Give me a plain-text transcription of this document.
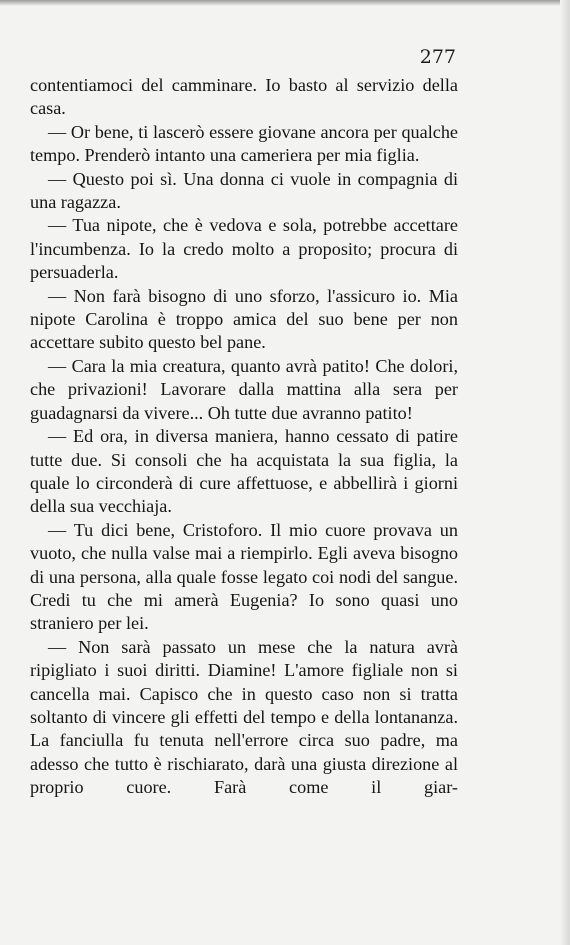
277

contentiamoci del camminare. Io basto al servizio della casa.

— Or bene, ti lascerò essere giovane ancora per qualche tempo. Prenderò intanto una cameriera per mia figlia.

— Questo poi sì. Una donna ci vuole in compagnia di una ragazza.

— Tua nipote, che è vedova e sola, potrebbe accettare l'incumbenza. Io la credo molto a proposito; procura di persuaderla.

— Non farà bisogno di uno sforzo, l'assicuro io. Mia nipote Carolina è troppo amica del suo bene per non accettare subito questo bel pane.

— Cara la mia creatura, quanto avrà patito! Che dolori, che privazioni! Lavorare dalla mattina alla sera per guadagnarsi da vivere... Oh tutte due avranno patito!

— Ed ora, in diversa maniera, hanno cessato di patire tutte due. Si consoli che ha acquistata la sua figlia, la quale lo circonderà di cure affettuose, e abbellirà i giorni della sua vecchiaja.

— Tu dici bene, Cristoforo. Il mio cuore provava un vuoto, che nulla valse mai a riempirlo. Egli aveva bisogno di una persona, alla quale fosse legato coi nodi del sangue. Credi tu che mi amerà Eugenia? Io sono quasi uno straniero per lei.

— Non sarà passato un mese che la natura avrà ripigliato i suoi diritti. Diamine! L'amore figliale non si cancella mai. Capisco che in questo caso non si tratta soltanto di vincere gli effetti del tempo e della lontananza. La fanciulla fu tenuta nell'errore circa suo padre, ma adesso che tutto è rischiarato, darà una giusta direzione al proprio cuore. Farà come il giar-
